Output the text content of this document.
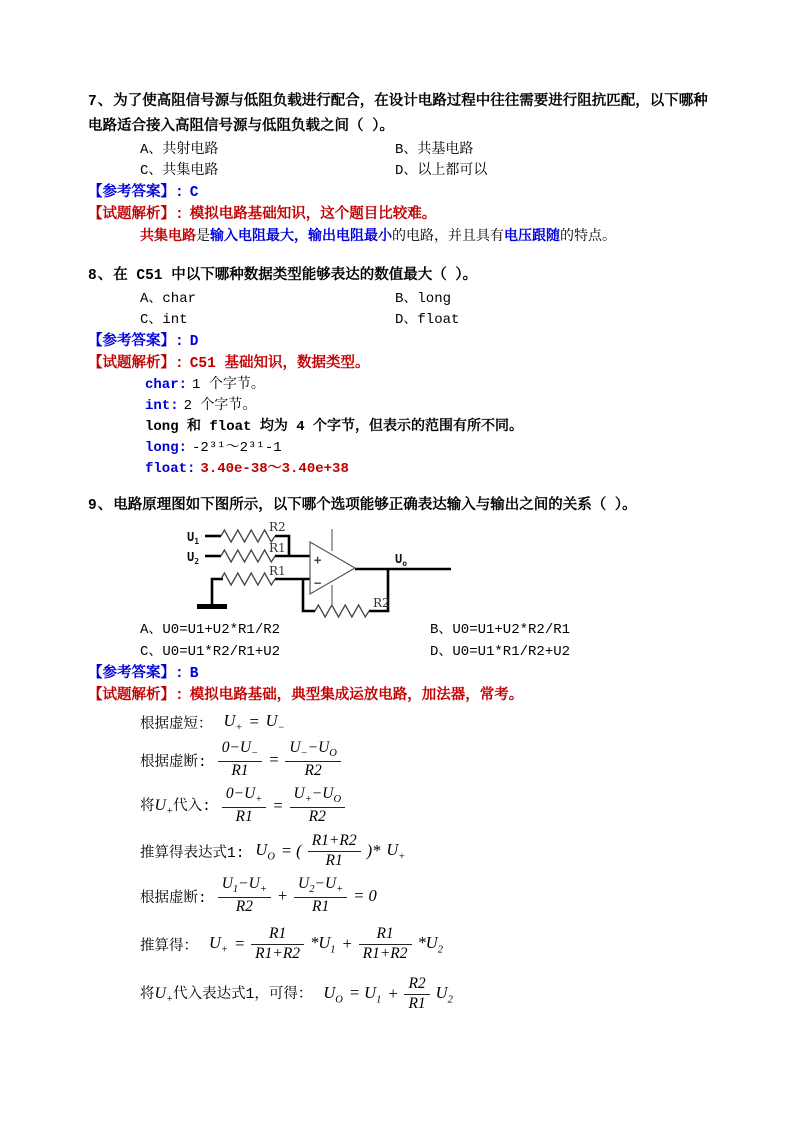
7、为了使高阻信号源与低阻负载进行配合，在设计电路过程中往往需要进行阻抗匹配，以下哪种电路适合接入高阻信号源与低阻负载之间（ ）。
A、共射电路	B、共基电路
C、共集电路	D、以上都可以
【参考答案】: C
【试题解析】: 模拟电路基础知识，这个题目比较难。
共集电路是输入电阻最大，输出电阻最小的电路，并且具有电压跟随的特点。
8、在 C51 中以下哪种数据类型能够表达的数值最大（ ）。
A、char	B、long
C、int	D、float
【参考答案】: D
【试题解析】: C51 基础知识，数据类型。
char: 1 个字节。
int: 2 个字节。
long 和 float 均为 4 个字节，但表示的范围有所不同。
long: -2³¹～2³¹-1
float: 3.40e-38～3.40e+38
9、电路原理图如下图所示，以下哪个选项能够正确表达输入与输出之间的关系（ ）。
+
−
U1
U2	Uo
R2
R1
R1
R2
A、U0=U1+U2*R1/R2	B、U0=U1+U2*R2/R1
C、U0=U1*R2/R1+U2	D、U0=U1*R1/R2+U2
【参考答案】: B
【试题解析】: 模拟电路基础，典型集成运放电路，加法器，常考。
根据虚短： $U_+ = U_-$
根据虚断: $\frac{0-U_-}{R1} = \frac{U_--U_O}{R2}$
将$U_+$代入: $\frac{0-U_+}{R1} = \frac{U_+-U_O}{R2}$
推算得表达式1: $U_O$ = ( $\frac{R1+R2}{R1}$ )* $U_+$
根据虚断: $\frac{U_1-U_+}{R2} + \frac{U_2-U_+}{R1} = 0$
推算得： $U_+ = \frac{R1}{R1+R2} *U_1 + \frac{R1}{R1+R2} *U_2$
将$U_+$代入表达式1，可得： $U_O = U_1 + \frac{R2}{R1} U_2$
